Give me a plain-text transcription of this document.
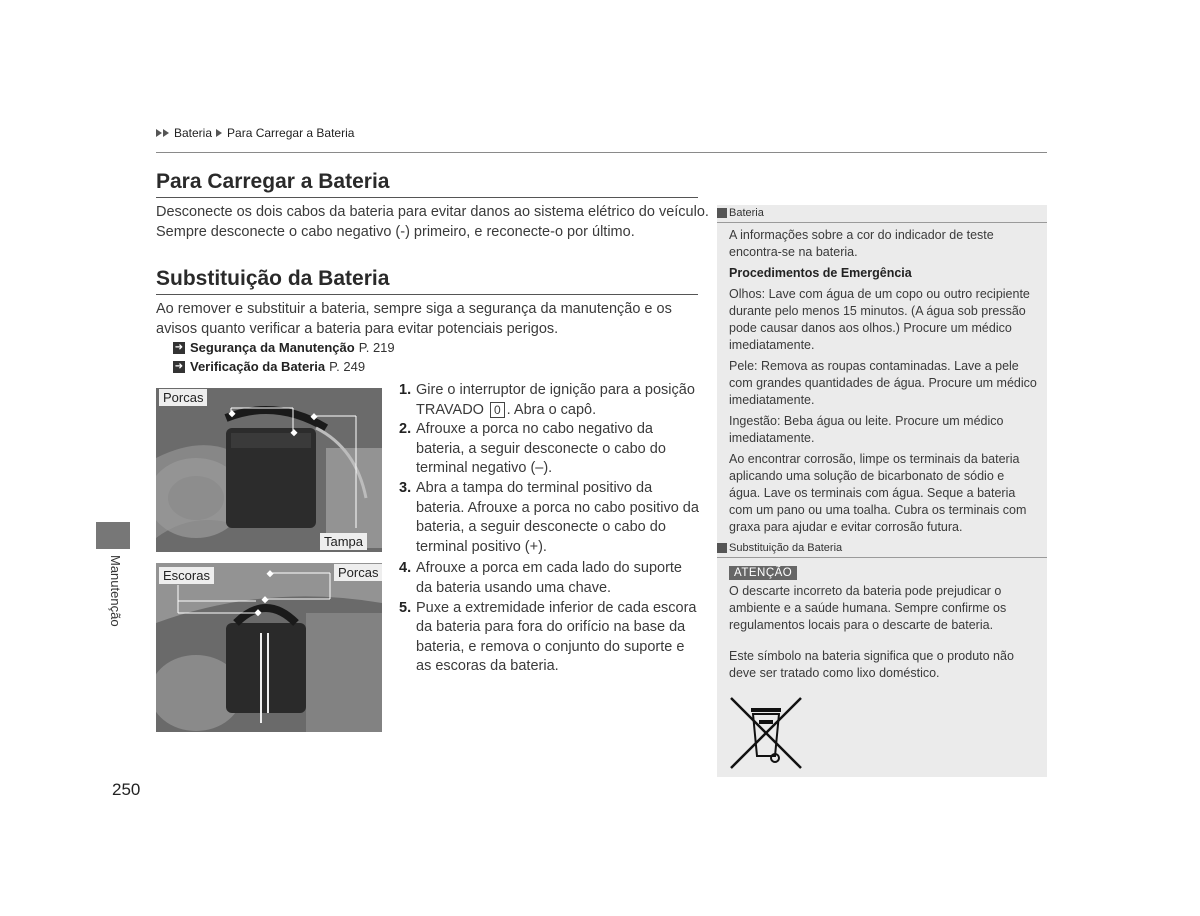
Bateria Para Carregar a Bateria
Para Carregar a Bateria
Desconecte os dois cabos da bateria para evitar danos ao sistema elétrico do veículo.
Sempre desconecte o cabo negativo (-) primeiro, e reconecte-o por último.
Substituição da Bateria
Ao remover e substituir a bateria, sempre siga a segurança da manutenção e os
avisos quanto verificar a bateria para evitar potenciais perigos.
➜ Segurança da Manutenção P. 219
➜ Verificação da Bateria P. 249
Porcas
Tampa
Escoras	Porcas
1. Gire o interruptor de ignição para a posição TRAVADO 0 . Abra o capô.
2. Afrouxe a porca no cabo negativo da bateria, a seguir desconecte o cabo do terminal negativo (–).
3. Abra a tampa do terminal positivo da bateria. Afrouxe a porca no cabo positivo da bateria, a seguir desconecte o cabo do terminal positivo (+).
4. Afrouxe a porca em cada lado do suporte da bateria usando uma chave.
5. Puxe a extremidade inferior de cada escora da bateria para fora do orifício na base da bateria, e remova o conjunto do suporte e as escoras da bateria.
Bateria

A informações sobre a cor do indicador de teste encontra-se na bateria.

Procedimentos de Emergência

Olhos: Lave com água de um copo ou outro recipiente durante pelo menos 15 minutos. (A água sob pressão pode causar danos aos olhos.) Procure um médico imediatamente.

Pele: Remova as roupas contaminadas. Lave a pele com grandes quantidades de água. Procure um médico imediatamente.

Ingestão: Beba água ou leite. Procure um médico imediatamente.

Ao encontrar corrosão, limpe os terminais da bateria aplicando uma solução de bicarbonato de sódio e água. Lave os terminais com água. Seque a bateria com um pano ou uma toalha. Cubra os terminais com graxa para ajudar e evitar corrosão futura.

Substituição da Bateria
ATENÇÃO

O descarte incorreto da bateria pode prejudicar o ambiente e a saúde humana. Sempre confirme os regulamentos locais para o descarte de bateria.

Este símbolo na bateria significa que o produto não deve ser tratado como lixo doméstico.

Manutenção
250
